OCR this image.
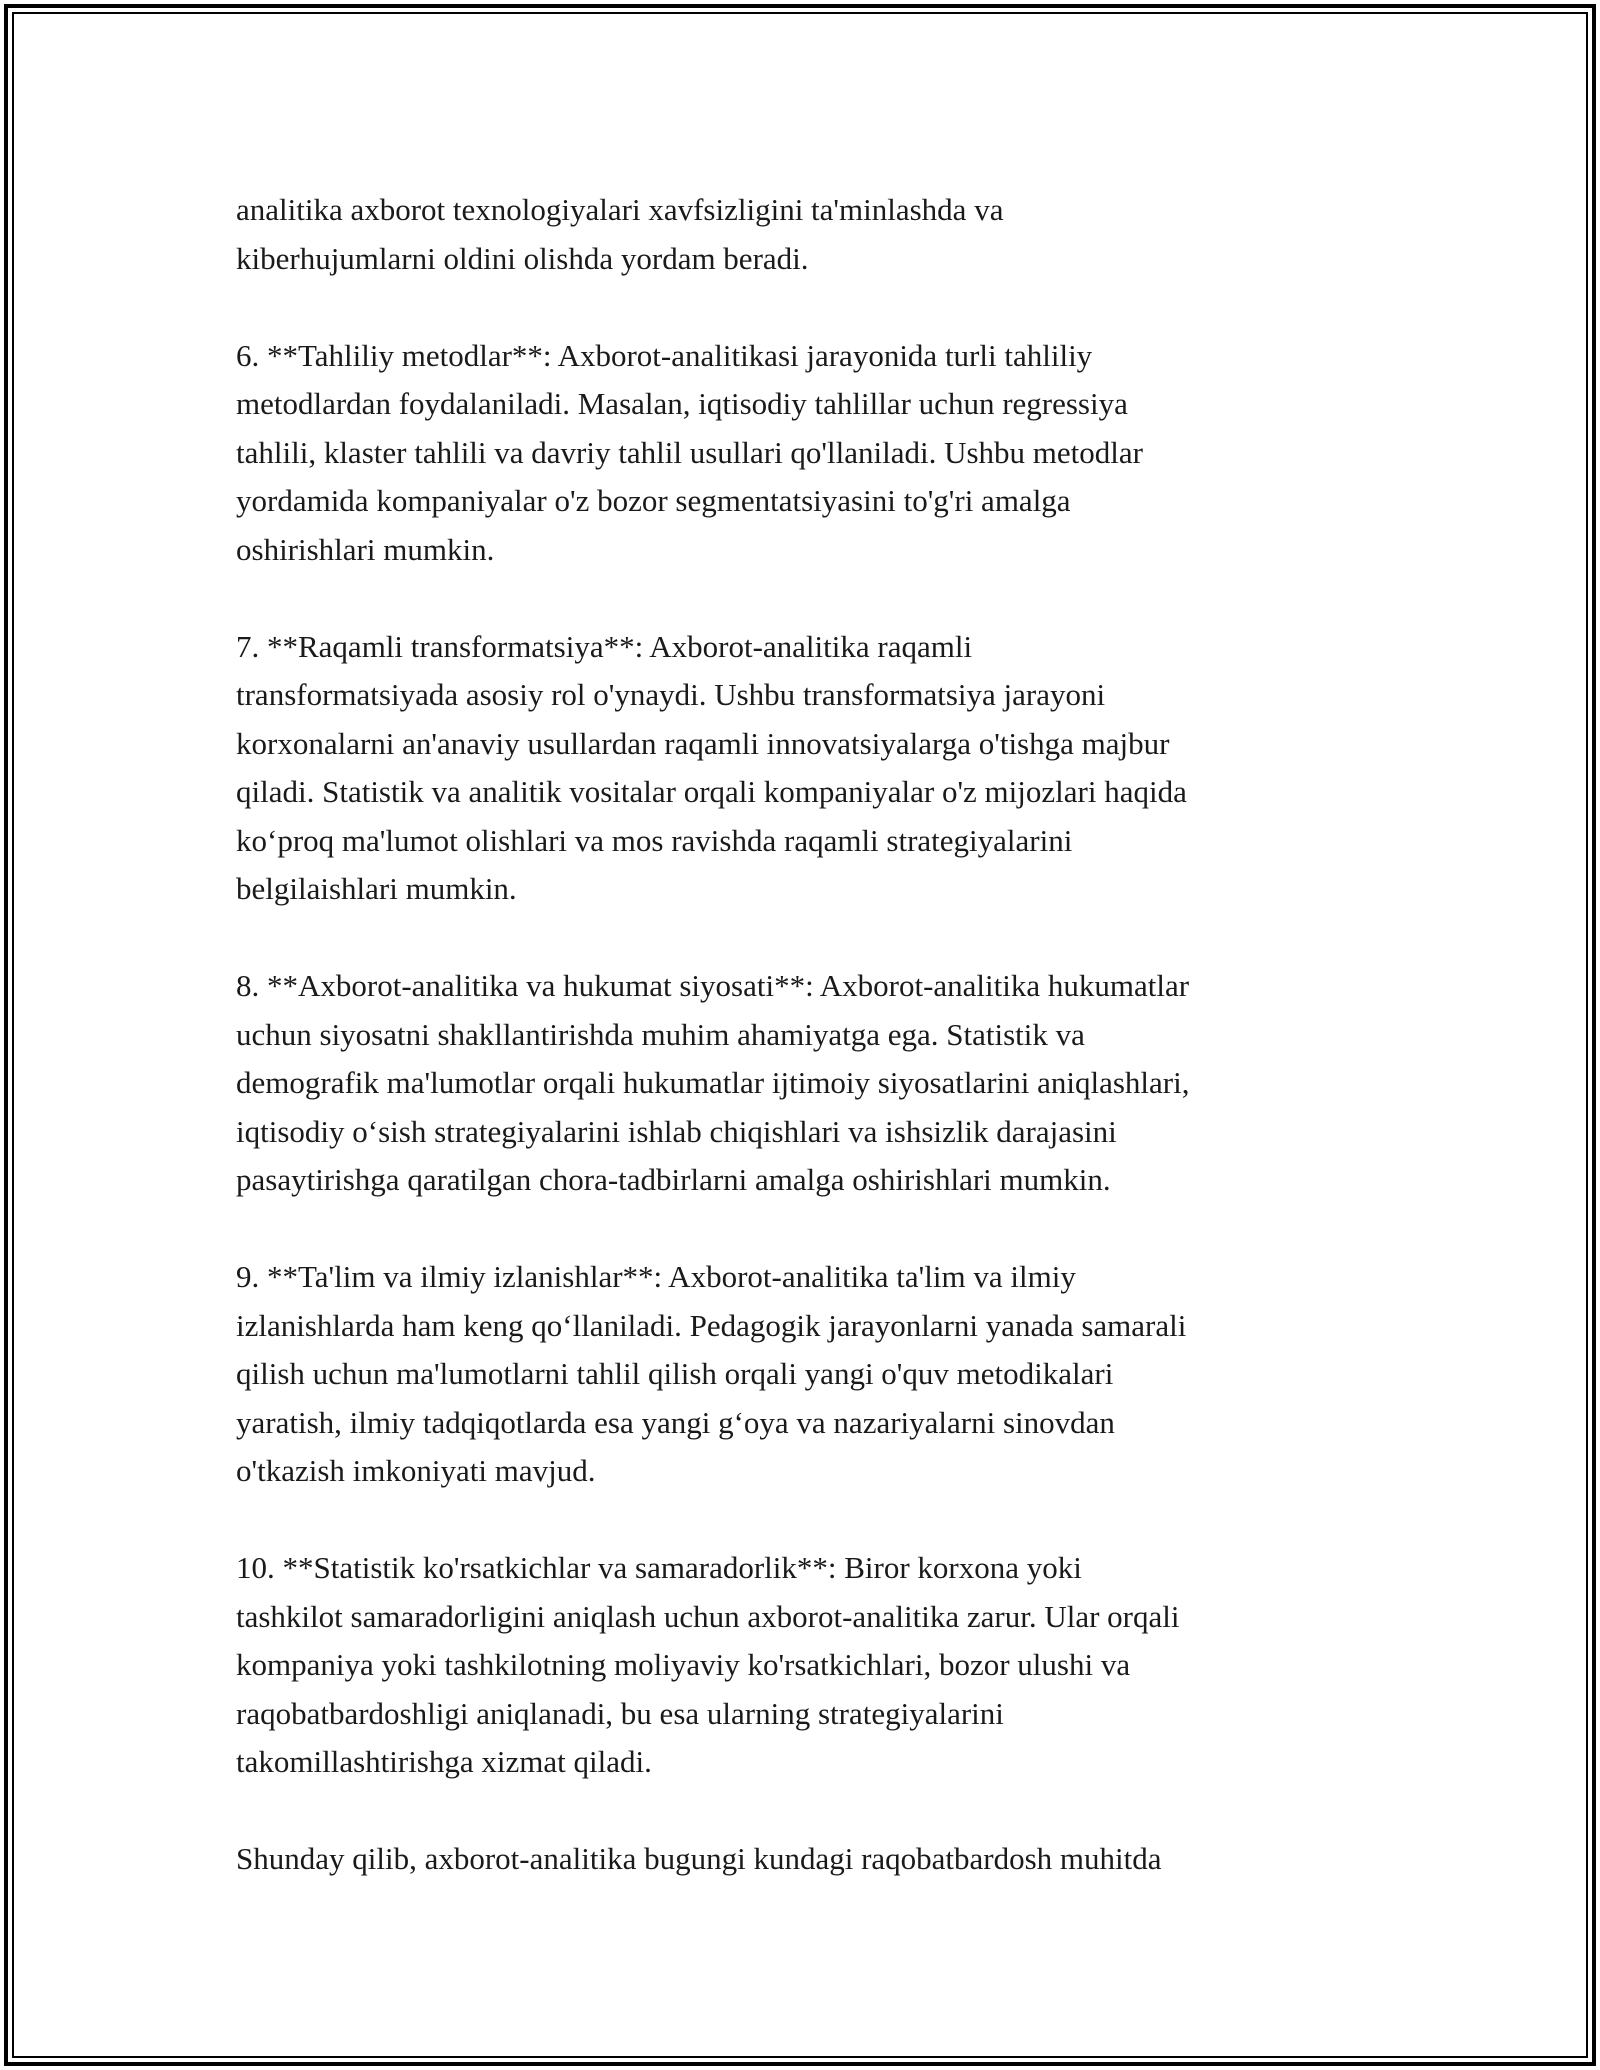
analitika axborot texnologiyalari xavfsizligini ta'minlashda va
kiberhujumlarni oldini olishda yordam beradi.

6. **Tahliliy metodlar**: Axborot-analitikasi jarayonida turli tahliliy
metodlardan foydalaniladi. Masalan, iqtisodiy tahlillar uchun regressiya
tahlili, klaster tahlili va davriy tahlil usullari qo'llaniladi. Ushbu metodlar
yordamida kompaniyalar o'z bozor segmentatsiyasini to'g'ri amalga
oshirishlari mumkin.

7. **Raqamli transformatsiya**: Axborot-analitika raqamli
transformatsiyada asosiy rol o'ynaydi. Ushbu transformatsiya jarayoni
korxonalarni an'anaviy usullardan raqamli innovatsiyalarga o'tishga majbur
qiladi. Statistik va analitik vositalar orqali kompaniyalar o'z mijozlari haqida
ko‘proq ma'lumot olishlari va mos ravishda raqamli strategiyalarini
belgilaishlari mumkin.

8. **Axborot-analitika va hukumat siyosati**: Axborot-analitika hukumatlar
uchun siyosatni shakllantirishda muhim ahamiyatga ega. Statistik va
demografik ma'lumotlar orqali hukumatlar ijtimoiy siyosatlarini aniqlashlari,
iqtisodiy o‘sish strategiyalarini ishlab chiqishlari va ishsizlik darajasini
pasaytirishga qaratilgan chora-tadbirlarni amalga oshirishlari mumkin.

9. **Ta'lim va ilmiy izlanishlar**: Axborot-analitika ta'lim va ilmiy
izlanishlarda ham keng qo‘llaniladi. Pedagogik jarayonlarni yanada samarali
qilish uchun ma'lumotlarni tahlil qilish orqali yangi o'quv metodikalari
yaratish, ilmiy tadqiqotlarda esa yangi g‘oya va nazariyalarni sinovdan
o'tkazish imkoniyati mavjud.

10. **Statistik ko'rsatkichlar va samaradorlik**: Biror korxona yoki
tashkilot samaradorligini aniqlash uchun axborot-analitika zarur. Ular orqali
kompaniya yoki tashkilotning moliyaviy ko'rsatkichlari, bozor ulushi va
raqobatbardoshligi aniqlanadi, bu esa ularning strategiyalarini
takomillashtirishga xizmat qiladi.

Shunday qilib, axborot-analitika bugungi kundagi raqobatbardosh muhitda
